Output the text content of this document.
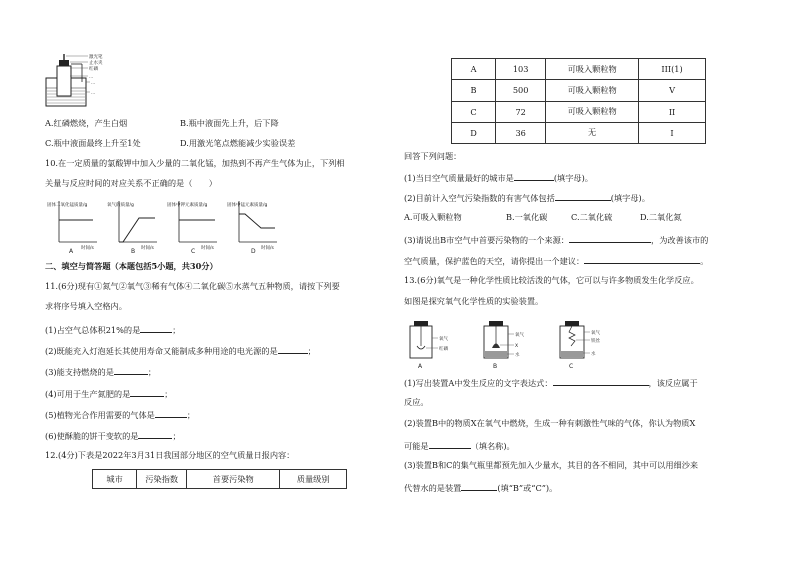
激光笔
止水夹
红磷
...
...
...
A.红磷燃烧，产生白烟	B.瓶中液面先上升，后下降
C.瓶中液面最终上升至1处	D.用激光笔点燃能减少实验误差
10.在一定质量的氯酸钾中加入少量的二氧化锰，加热到不再产生气体为止，下列相
关量与反应时间的对应关系不正确的是（　　）
固体二氧化锰质量/g
时间/s
A
氧气的质量/g
时间/s
B
固体中钾元素质量/g
时间/s
C
固体中锰元素质量/g
时间/s
D
二、填空与简答题（本题包括5小题，共30分）
11.(6分)现有①氮气②氧气③稀有气体④二氧化碳⑤水蒸气五种物质，请按下列要
求将序号填入空格内。
(1)占空气总体积21%的是	；
(2)既能充入灯泡延长其使用寿命又能制成多种用途的电光源的是	；
(3)能支持燃烧的是	；
(4)可用于生产氮肥的是	；
(5)植物光合作用需要的气体是	；
(6)使酥脆的饼干变软的是	；
12.(4分)下表是2022年3月31日我国部分地区的空气质量日报内容：
城市	污染指数	首要污染物	质量级别
A	103	可吸入颗粒物	III(1)
B	500	可吸入颗粒物	V
C	72	可吸入颗粒物	II
D	36	无	I
回答下列问题：
(1)当日空气质量最好的城市是	(填字母)。
(2)目前计入空气污染指数的有害气体包括	(填字母)。
A.可吸入颗粒物	B.一氧化碳	C.二氧化硫	D.二氧化氮
(3)请说出B市空气中首要污染物的一个来源：	，为改善该市的
空气质量，保护蓝色的天空，请你提出一个建议：	。
13.(6分)氧气是一种化学性质比较活泼的气体，它可以与许多物质发生化学反应。
如图是探究氧气化学性质的实验装置。
氧气
红磷
A
氧气
X
水
B
氧气
铁丝
水
C
(1)写出装置A中发生反应的文字表达式：	，该反应属于
反应。
(2)装置B中的物质X在氧气中燃烧，生成一种有刺激性气味的气体，你认为物质X
可能是	（填名称)。
(3)装置B和C的集气瓶里都预先加入少量水，其目的各不相同，其中可以用细沙来
代替水的是装置	(填“B”或“C”)。
